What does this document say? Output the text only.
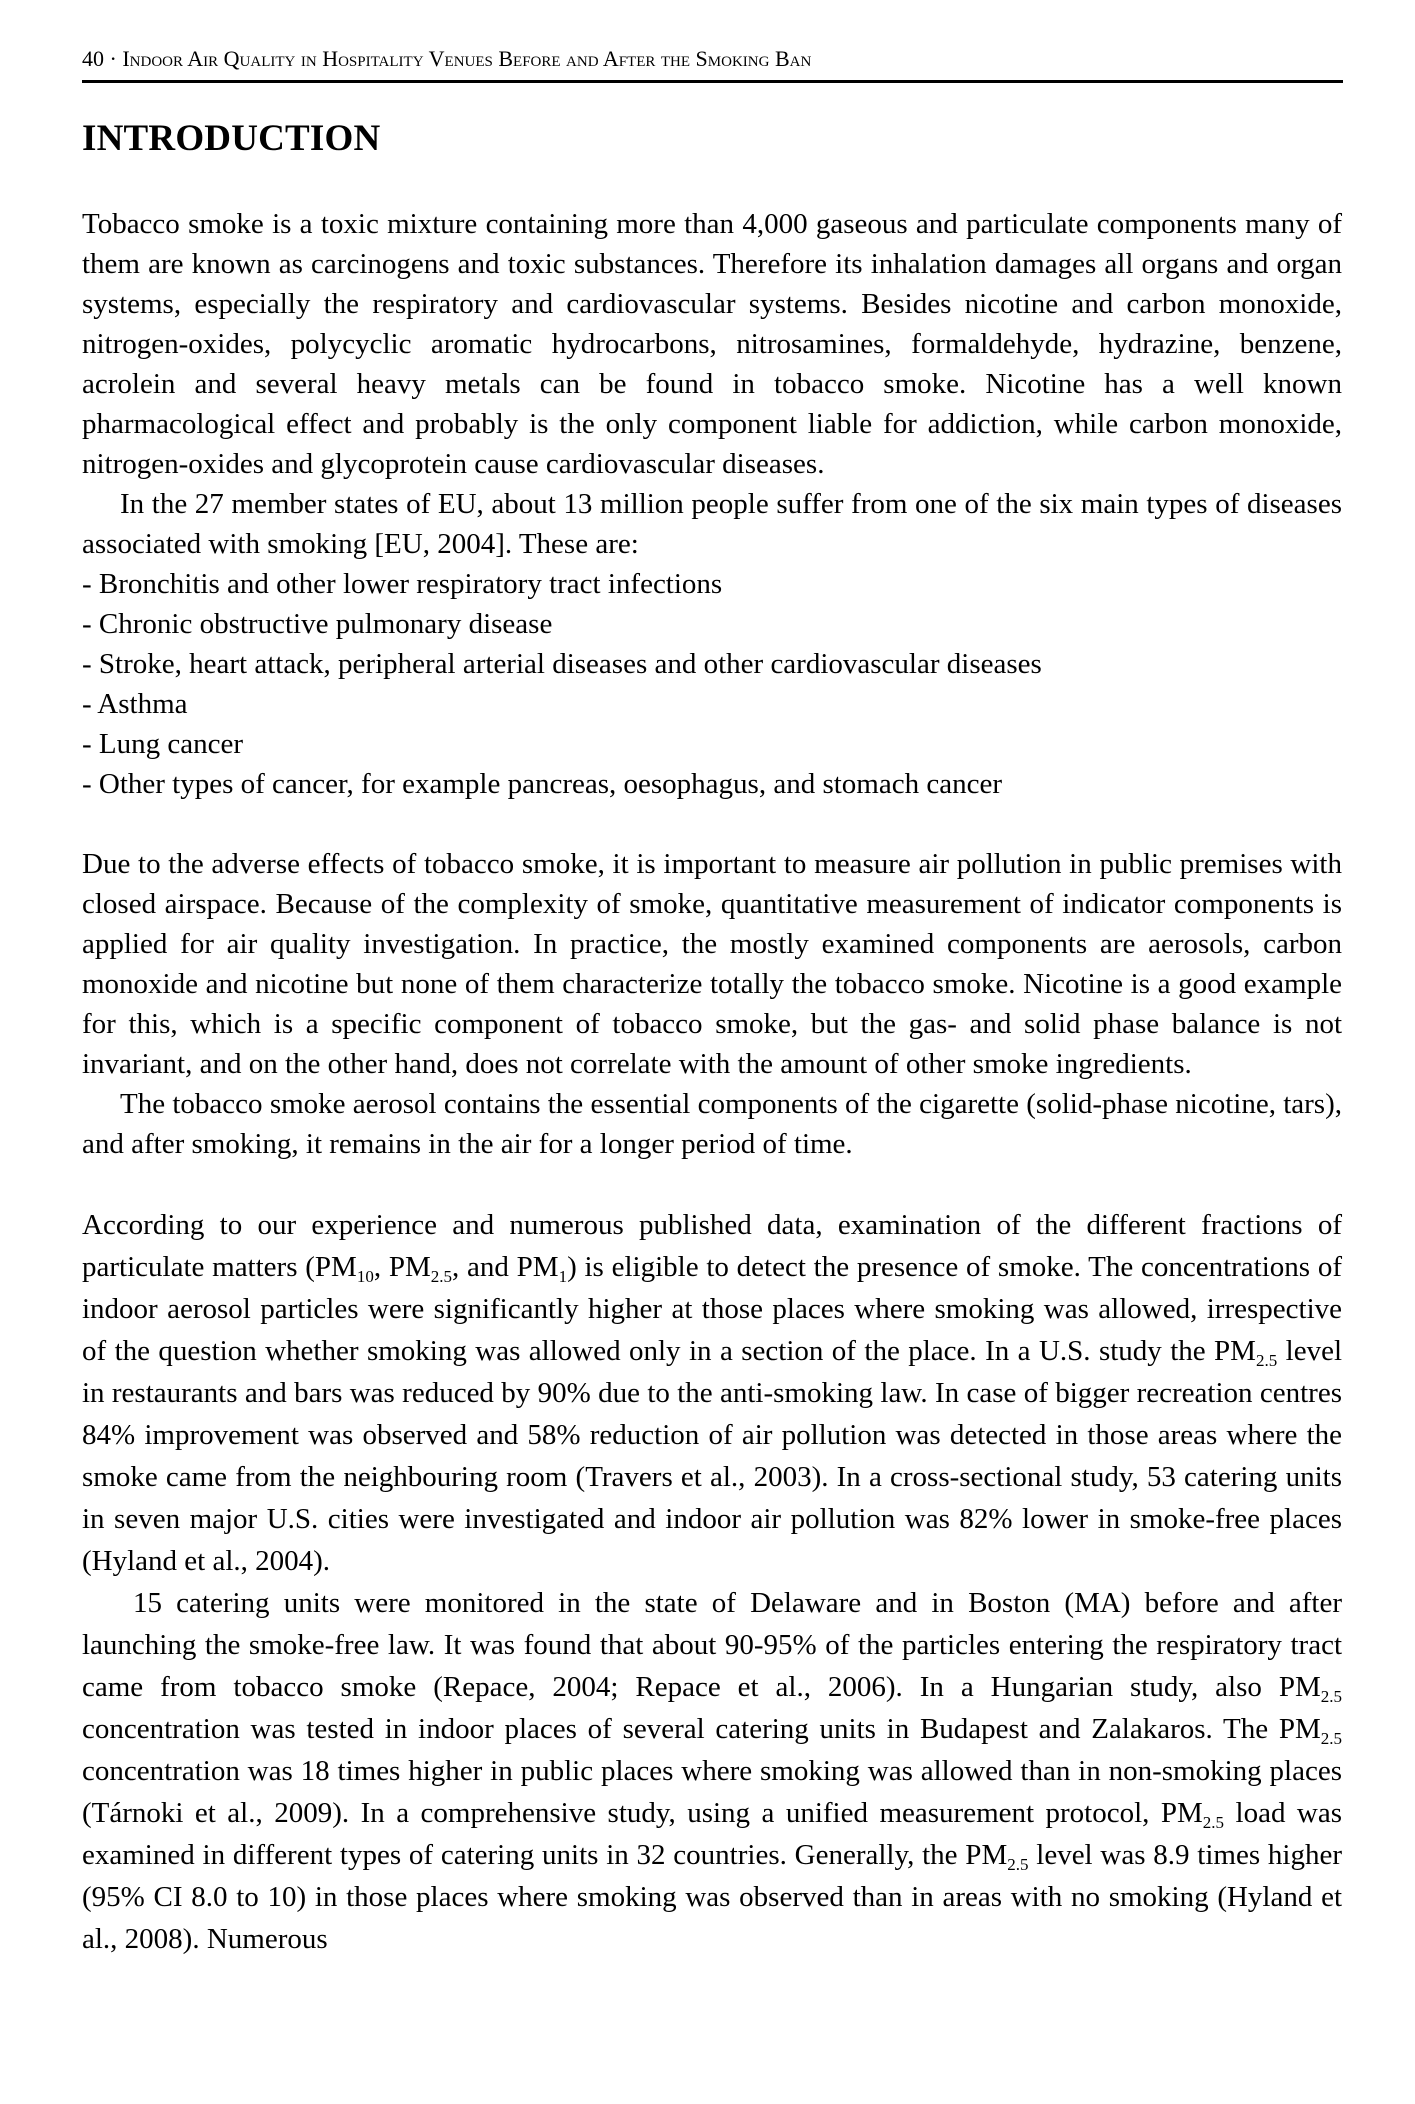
40 · Indoor Air Quality in Hospitality Venues Before and After the Smoking Ban
INTRODUCTION

Tobacco smoke is a toxic mixture containing more than 4,000 gaseous and particulate components many of them are known as carcinogens and toxic substances. Therefore its inhalation damages all organs and organ systems, especially the respiratory and cardiovascular systems. Besides nicotine and carbon monoxide, nitrogen-oxides, polycyclic aromatic hydrocarbons, nitrosamines, formaldehyde, hydrazine, benzene, acrolein and several heavy metals can be found in tobacco smoke. Nicotine has a well known pharmacological effect and probably is the only component liable for addiction, while carbon monoxide, nitrogen-oxides and glycoprotein cause cardiovascular diseases.

In the 27 member states of EU, about 13 million people suffer from one of the six main types of diseases associated with smoking [EU, 2004]. These are:

- Bronchitis and other lower respiratory tract infections

- Chronic obstructive pulmonary disease

- Stroke, heart attack, peripheral arterial diseases and other cardiovascular diseases

- Asthma

- Lung cancer

- Other types of cancer, for example pancreas, oesophagus, and stomach cancer

Due to the adverse effects of tobacco smoke, it is important to measure air pollution in public premises with closed airspace. Because of the complexity of smoke, quantitative measurement of indicator components is applied for air quality investigation. In practice, the mostly examined components are aerosols, carbon monoxide and nicotine but none of them characterize totally the tobacco smoke. Nicotine is a good example for this, which is a specific component of tobacco smoke, but the gas- and solid phase balance is not invariant, and on the other hand, does not correlate with the amount of other smoke ingredients.

The tobacco smoke aerosol contains the essential components of the cigarette (solid-phase nicotine, tars), and after smoking, it remains in the air for a longer period of time.

According to our experience and numerous published data, examination of the different fractions of particulate matters ($PM_{10}$, $PM_{2.5}$, and $PM_1$) is eligible to detect the presence of smoke. The concentrations of indoor aerosol particles were significantly higher at those places where smoking was allowed, irrespective of the question whether smoking was allowed only in a section of the place. In a U.S. study the $PM_{2.5}$ level in restaurants and bars was reduced by 90% due to the anti-smoking law. In case of bigger recreation centres 84% improvement was observed and 58% reduction of air pollution was detected in those areas where the smoke came from the neighbouring room (Travers et al., 2003). In a cross-sectional study, 53 catering units in seven major U.S. cities were investigated and indoor air pollution was 82% lower in smoke-free places (Hyland et al., 2004).

15 catering units were monitored in the state of Delaware and in Boston (MA) before and after launching the smoke-free law. It was found that about 90-95% of the particles entering the respiratory tract came from tobacco smoke (Repace, 2004; Repace et al., 2006). In a Hungarian study, also $PM_{2.5}$ concentration was tested in indoor places of several catering units in Budapest and Zalakaros. The $PM_{2.5}$ concentration was 18 times higher in public places where smoking was allowed than in non-smoking places (Tárnoki et al., 2009). In a comprehensive study, using a unified measurement protocol, $PM_{2.5}$ load was examined in different types of catering units in 32 countries. Generally, the $PM_{2.5}$ level was 8.9 times higher (95% CI 8.0 to 10) in those places where smoking was observed than in areas with no smoking (Hyland et al., 2008). Numerous
